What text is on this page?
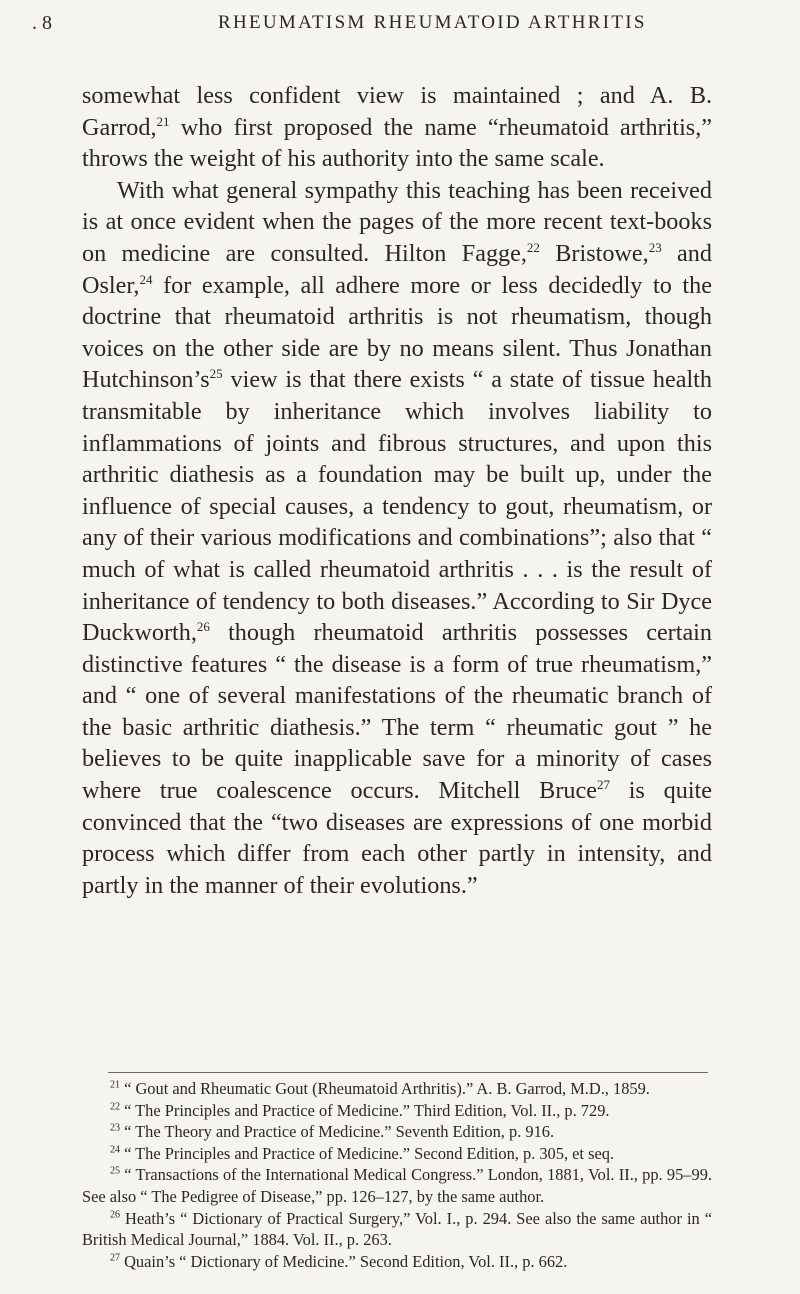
. 8	RHEUMATISM RHEUMATOID ARTHRITIS

somewhat less confident view is maintained ; and A. B. Garrod,$^{21}$ who first proposed the name “rheumatoid arthritis,” throws the weight of his authority into the same scale.

With what general sympathy this teaching has been received is at once evident when the pages of the more recent text-books on medicine are consulted. Hilton Fagge,$^{22}$ Bristowe,$^{23}$ and Osler,$^{24}$ for example, all adhere more or less decidedly to the doctrine that rheumatoid arthritis is not rheumatism, though voices on the other side are by no means silent. Thus Jonathan $Hutchinson’s^{25}$ view is that there exists “ a state of tissue health transmitable by inheritance which involves liability to inflammations of joints and fibrous structures, and upon this arthritic diathesis as a foundation may be built up, under the influence of special causes, a tendency to gout, rheumatism, or any of their various modifications and combinations”; also that “ much of what is called rheumatoid arthritis . . . is the result of inheritance of tendency to both diseases.” According to Sir Dyce Duckworth,$^{26}$ though rheumatoid arthritis possesses certain distinctive features “ the disease is a form of true rheumatism,” and “ one of several manifestations of the rheumatic branch of the basic arthritic diathesis.” The term “ rheumatic gout ” he believes to be quite inapplicable save for a minority of cases where true coalescence occurs. Mitchell Bruce$^{27}$ is quite convinced that the “two diseases are expressions of one morbid process which differ from each other partly in intensity, and partly in the manner of their evolutions.”

$^{21}$ “ Gout and Rheumatic Gout (Rheumatoid Arthritis).” A. B. Garrod, M.D., 1859.

$^{22}$ “ The Principles and Practice of Medicine.” Third Edition, Vol. II., p. 729.

$^{23}$ “ The Theory and Practice of Medicine.” Seventh Edition, p. 916.

$^{24}$ “ The Principles and Practice of Medicine.” Second Edition, p. 305, et seq.

$^{25}$ “ Transactions of the International Medical Congress.” London, 1881, Vol. II., pp. 95–99. See also “ The Pedigree of Disease,” pp. 126–127, by the same author.

$^{26}$ Heath’s “ Dictionary of Practical Surgery,” Vol. I., p. 294. See also the same author in “ British Medical Journal,” 1884. Vol. II., p. 263.

$^{27}$ Quain’s “ Dictionary of Medicine.” Second Edition, Vol. II., p. 662.
